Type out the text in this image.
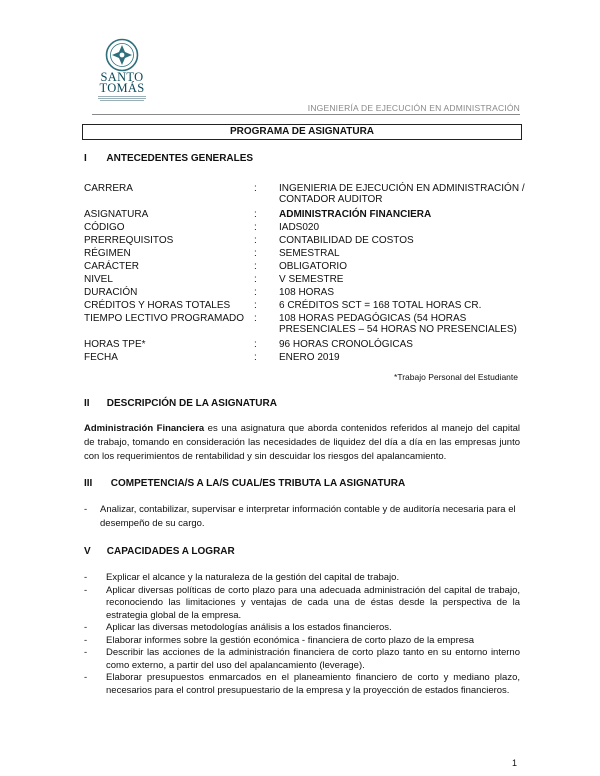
SANTO
TOMÁS
INGENIERÍA DE EJECUCIÓN EN ADMINISTRACIÓN
PROGRAMA DE ASIGNATURA
I ANTECEDENTES GENERALES
CARRERA	: INGENIERIA DE EJECUCIÓN EN ADMINISTRACIÓN /
CONTADOR AUDITOR
ASIGNATURA	: ADMINISTRACIÓN FINANCIERA
CÓDIGO	: IADS020
PRERREQUISITOS	: CONTABILIDAD DE COSTOS
RÉGIMEN	: SEMESTRAL
CARÁCTER	: OBLIGATORIO
NIVEL	: V SEMESTRE
DURACIÓN	: 108 HORAS
CRÉDITOS Y HORAS TOTALES : 6 CRÉDITOS SCT = 168 TOTAL HORAS CR.
TIEMPO LECTIVO PROGRAMADO : 108 HORAS PEDAGÓGICAS (54 HORAS
PRESENCIALES – 54 HORAS NO PRESENCIALES)
HORAS TPE*	: 96 HORAS CRONOLÓGICAS
FECHA	: ENERO 2019
*Trabajo Personal del Estudiante
II DESCRIPCIÓN DE LA ASIGNATURA
Administración Financiera es una asignatura que aborda contenidos referidos al manejo del capital de trabajo, tomando en consideración las necesidades de liquidez del día a día en las empresas junto con los requerimientos de rentabilidad y sin descuidar los riesgos del apalancamiento.
III COMPETENCIA/S A LA/S CUAL/ES TRIBUTA LA ASIGNATURA
- Analizar, contabilizar, supervisar e interpretar información contable y de auditoría necesaria para el desempeño de su cargo.
V CAPACIDADES A LOGRAR
- Explicar el alcance y la naturaleza de la gestión del capital de trabajo.
- Aplicar diversas políticas de corto plazo para una adecuada administración del capital de trabajo, reconociendo las limitaciones y ventajas de cada una de éstas desde la perspectiva de la estrategia global de la empresa.
- Aplicar las diversas metodologías análisis a los estados financieros.
- Elaborar informes sobre la gestión económica - financiera de corto plazo de la empresa
- Describir las acciones de la administración financiera de corto plazo tanto en su entorno interno como externo, a partir del uso del apalancamiento (leverage).
- Elaborar presupuestos enmarcados en el planeamiento financiero de corto y mediano plazo, necesarios para el control presupuestario de la empresa y la proyección de estados financieros.
1
